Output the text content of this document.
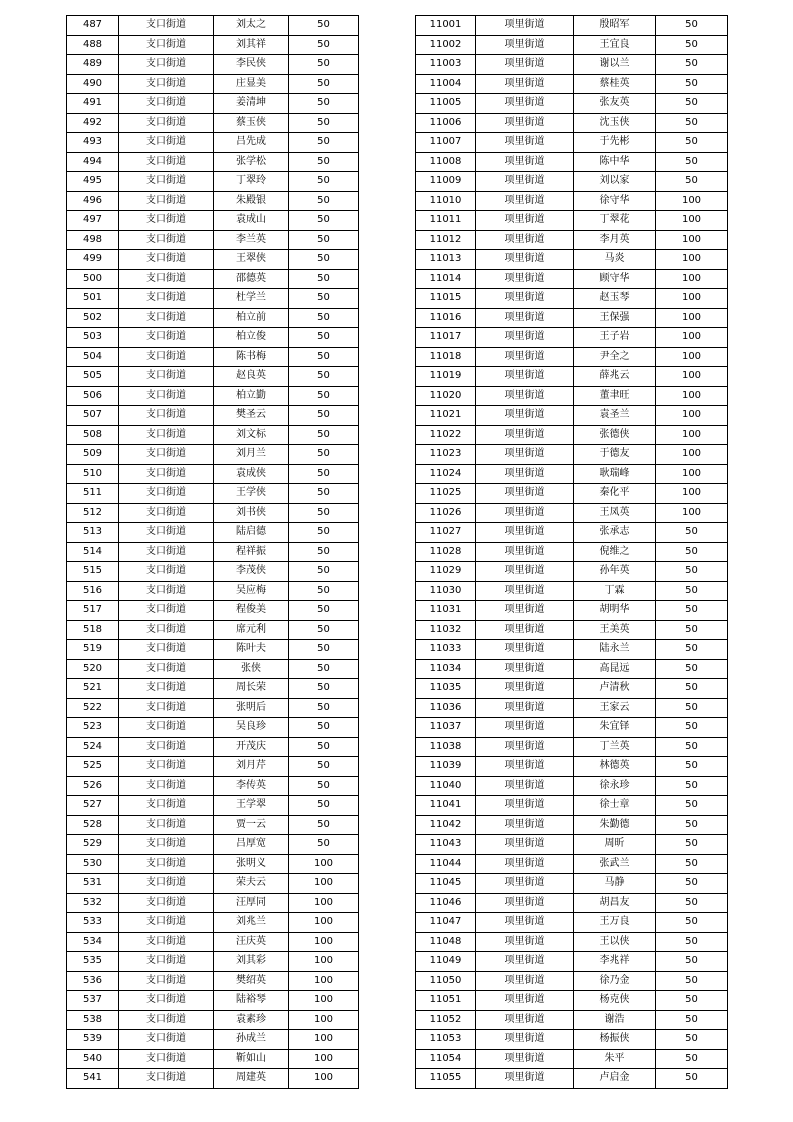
487	支口街道	刘太之	50
488	支口街道	刘其祥	50
489	支口街道	李民侠	50
490	支口街道	庄显美	50
491	支口街道	姜清坤	50
492	支口街道	蔡玉侠	50
493	支口街道	吕先成	50
494	支口街道	张学松	50
495	支口街道	丁翠玲	50
496	支口街道	朱殿银	50
497	支口街道	袁成山	50
498	支口街道	李兰英	50
499	支口街道	王翠侠	50
500	支口街道	邵德英	50
501	支口街道	杜学兰	50
502	支口街道	柏立前	50
503	支口街道	柏立俊	50
504	支口街道	陈书梅	50
505	支口街道	赵良英	50
506	支口街道	柏立勤	50
507	支口街道	樊圣云	50
508	支口街道	刘文标	50
509	支口街道	刘月兰	50
510	支口街道	袁成侠	50
511	支口街道	王学侠	50
512	支口街道	刘书侠	50
513	支口街道	陆启德	50
514	支口街道	程祥振	50
515	支口街道	李茂侠	50
516	支口街道	吴应梅	50
517	支口街道	程俊美	50
518	支口街道	席元利	50
519	支口街道	陈叶夫	50
520	支口街道	张侠	50
521	支口街道	周长荣	50
522	支口街道	张明后	50
523	支口街道	吴良珍	50
524	支口街道	开茂庆	50
525	支口街道	刘月芹	50
526	支口街道	李传英	50
527	支口街道	王学翠	50
528	支口街道	贾一云	50
529	支口街道	吕厚宽	50
530	支口街道	张明义	100
531	支口街道	荣夫云	100
532	支口街道	汪厚同	100
533	支口街道	刘兆兰	100
534	支口街道	汪庆英	100
535	支口街道	刘其彩	100
536	支口街道	樊绍英	100
537	支口街道	陆裕琴	100
538	支口街道	袁素珍	100
539	支口街道	孙成兰	100
540	支口街道	靳如山	100
541	支口街道	周建英	100
11001	项里街道	殷昭军	50
11002	项里街道	王宜良	50
11003	项里街道	谢以兰	50
11004	项里街道	蔡桂英	50
11005	项里街道	张友英	50
11006	项里街道	沈玉侠	50
11007	项里街道	于先彬	50
11008	项里街道	陈中华	50
11009	项里街道	刘以家	50
11010	项里街道	徐守华	100
11011	项里街道	丁翠花	100
11012	项里街道	李月英	100
11013	项里街道	马炎	100
11014	项里街道	顾守华	100
11015	项里街道	赵玉琴	100
11016	项里街道	王保强	100
11017	项里街道	王子岩	100
11018	项里街道	尹全之	100
11019	项里街道	薛兆云	100
11020	项里街道	董聿旺	100
11021	项里街道	袁圣兰	100
11022	项里街道	张德侠	100
11023	项里街道	于德友	100
11024	项里街道	耿瑞峰	100
11025	项里街道	秦化平	100
11026	项里街道	王凤英	100
11027	项里街道	张承志	50
11028	项里街道	倪维之	50
11029	项里街道	孙年英	50
11030	项里街道	丁霖	50
11031	项里街道	胡明华	50
11032	项里街道	王美英	50
11033	项里街道	陆永兰	50
11034	项里街道	高昆远	50
11035	项里街道	卢清秋	50
11036	项里街道	王家云	50
11037	项里街道	朱宜铎	50
11038	项里街道	丁兰英	50
11039	项里街道	林德英	50
11040	项里街道	徐永珍	50
11041	项里街道	徐士章	50
11042	项里街道	朱勤德	50
11043	项里街道	周昕	50
11044	项里街道	张武兰	50
11045	项里街道	马静	50
11046	项里街道	胡昌友	50
11047	项里街道	王万良	50
11048	项里街道	王以侠	50
11049	项里街道	李兆祥	50
11050	项里街道	徐乃金	50
11051	项里街道	杨克侠	50
11052	项里街道	谢浩	50
11053	项里街道	杨振侠	50
11054	项里街道	朱平	50
11055	项里街道	卢启金	50
